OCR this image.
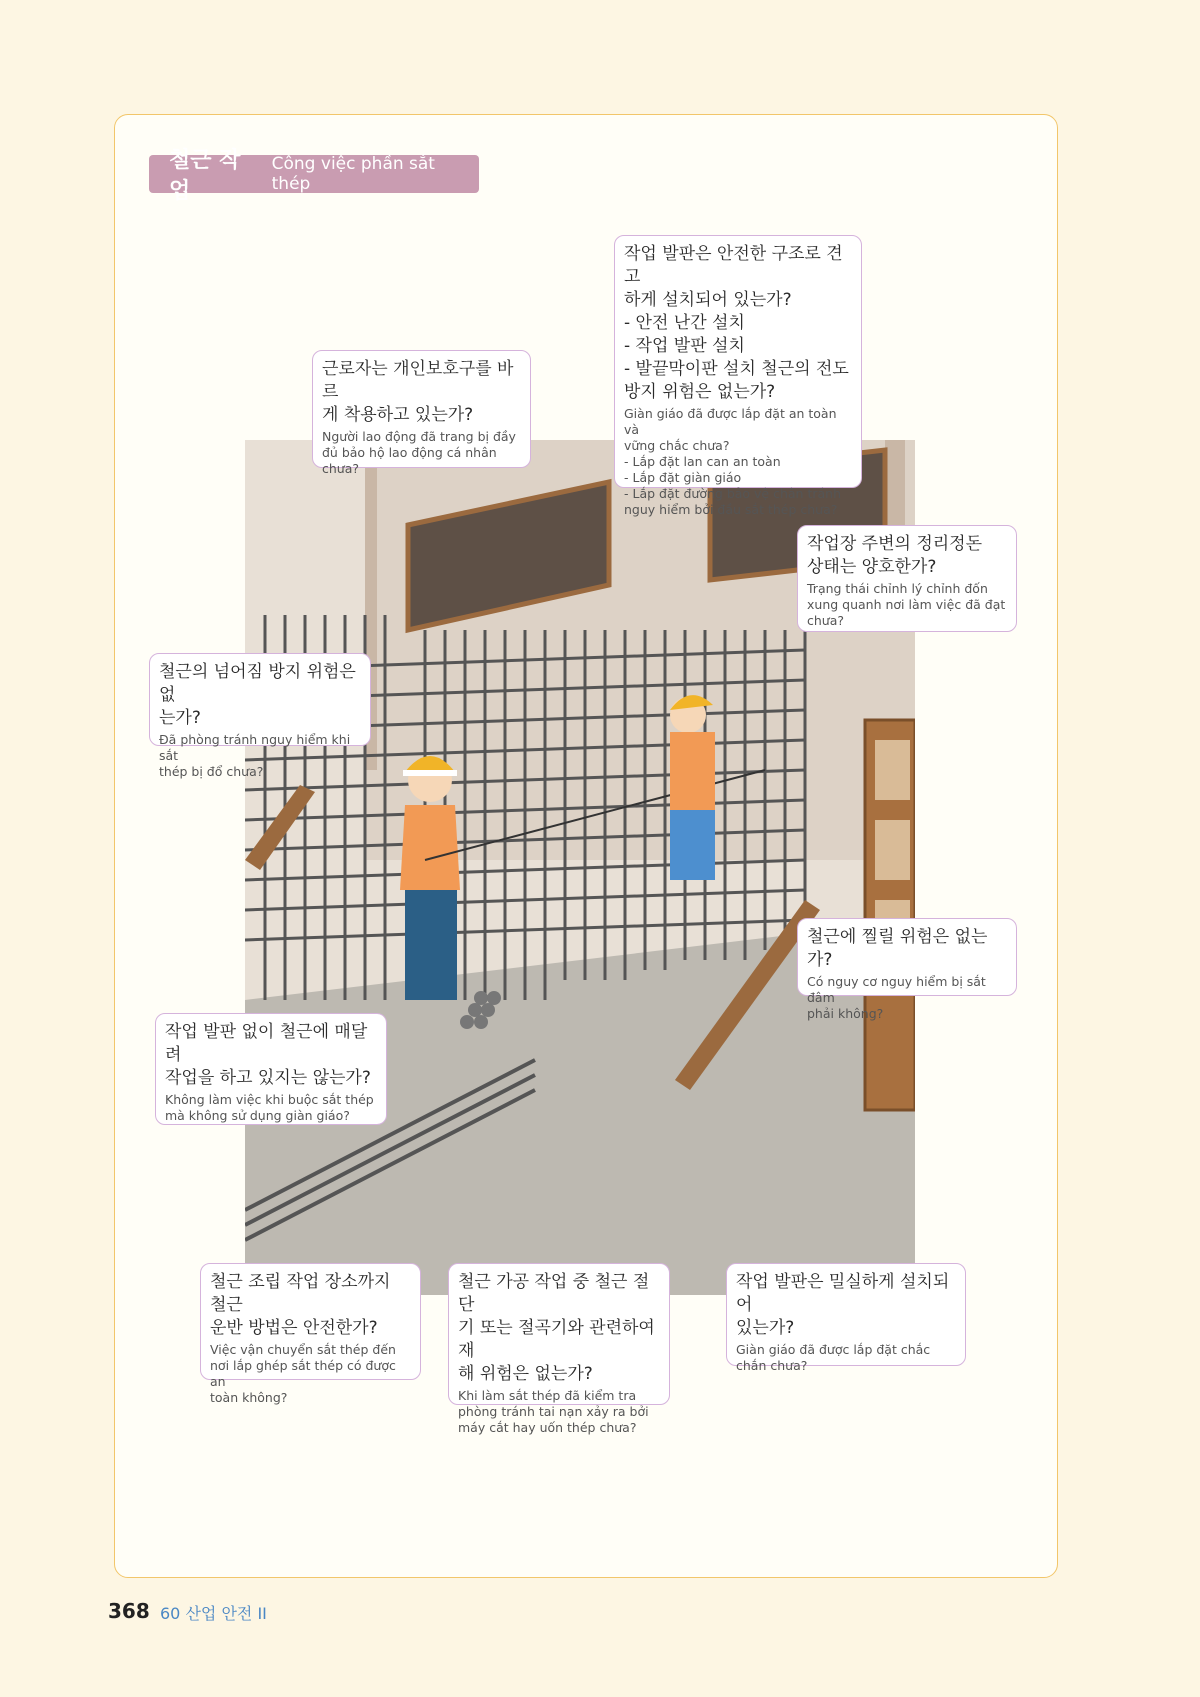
철근 작업
Công việc phần sắt thép
작업 발판은 안전한 구조로 견고
하게 설치되어 있는가?
- 안전 난간 설치
- 작업 발판 설치
- 발끝막이판 설치 철근의 전도
방지 위험은 없는가?
Giàn giáo đã được lắp đặt an toàn và
vững chắc chưa?
- Lắp đặt lan can an toàn
- Lắp đặt giàn giáo
- Lắp đặt đường bảo vệ chân tránh
nguy hiểm bởi đầu sắt thép chưa?
근로자는 개인보호구를 바르
게 착용하고 있는가?
Người lao động đã trang bị đầy
đủ bảo hộ lao động cá nhân
chưa?
작업장 주변의 정리정돈
상태는 양호한가?
Trạng thái chỉnh lý chỉnh đốn
xung quanh nơi làm việc đã đạt
chưa?
철근의 넘어짐 방지 위험은 없
는가?
Đã phòng tránh nguy hiểm khi sắt
thép bị đổ chưa?
철근에 찔릴 위험은 없는가?
Có nguy cơ nguy hiểm bị sắt đâm
phải không?
작업 발판 없이 철근에 매달려
작업을 하고 있지는 않는가?
Không làm việc khi buộc sắt thép
mà không sử dụng giàn giáo?
철근 조립 작업 장소까지 철근
운반 방법은 안전한가?
Việc vận chuyển sắt thép đến
nơi lắp ghép sắt thép có được an
toàn không?
철근 가공 작업 중 철근 절단
기 또는 절곡기와 관련하여 재
해 위험은 없는가?
Khi làm sắt thép đã kiểm tra
phòng tránh tai nạn xảy ra bởi
máy cắt hay uốn thép chưa?
작업 발판은 밀실하게 설치되어
있는가?
Giàn giáo đã được lắp đặt chắc
chắn chưa?
368 60 산업 안전 II
